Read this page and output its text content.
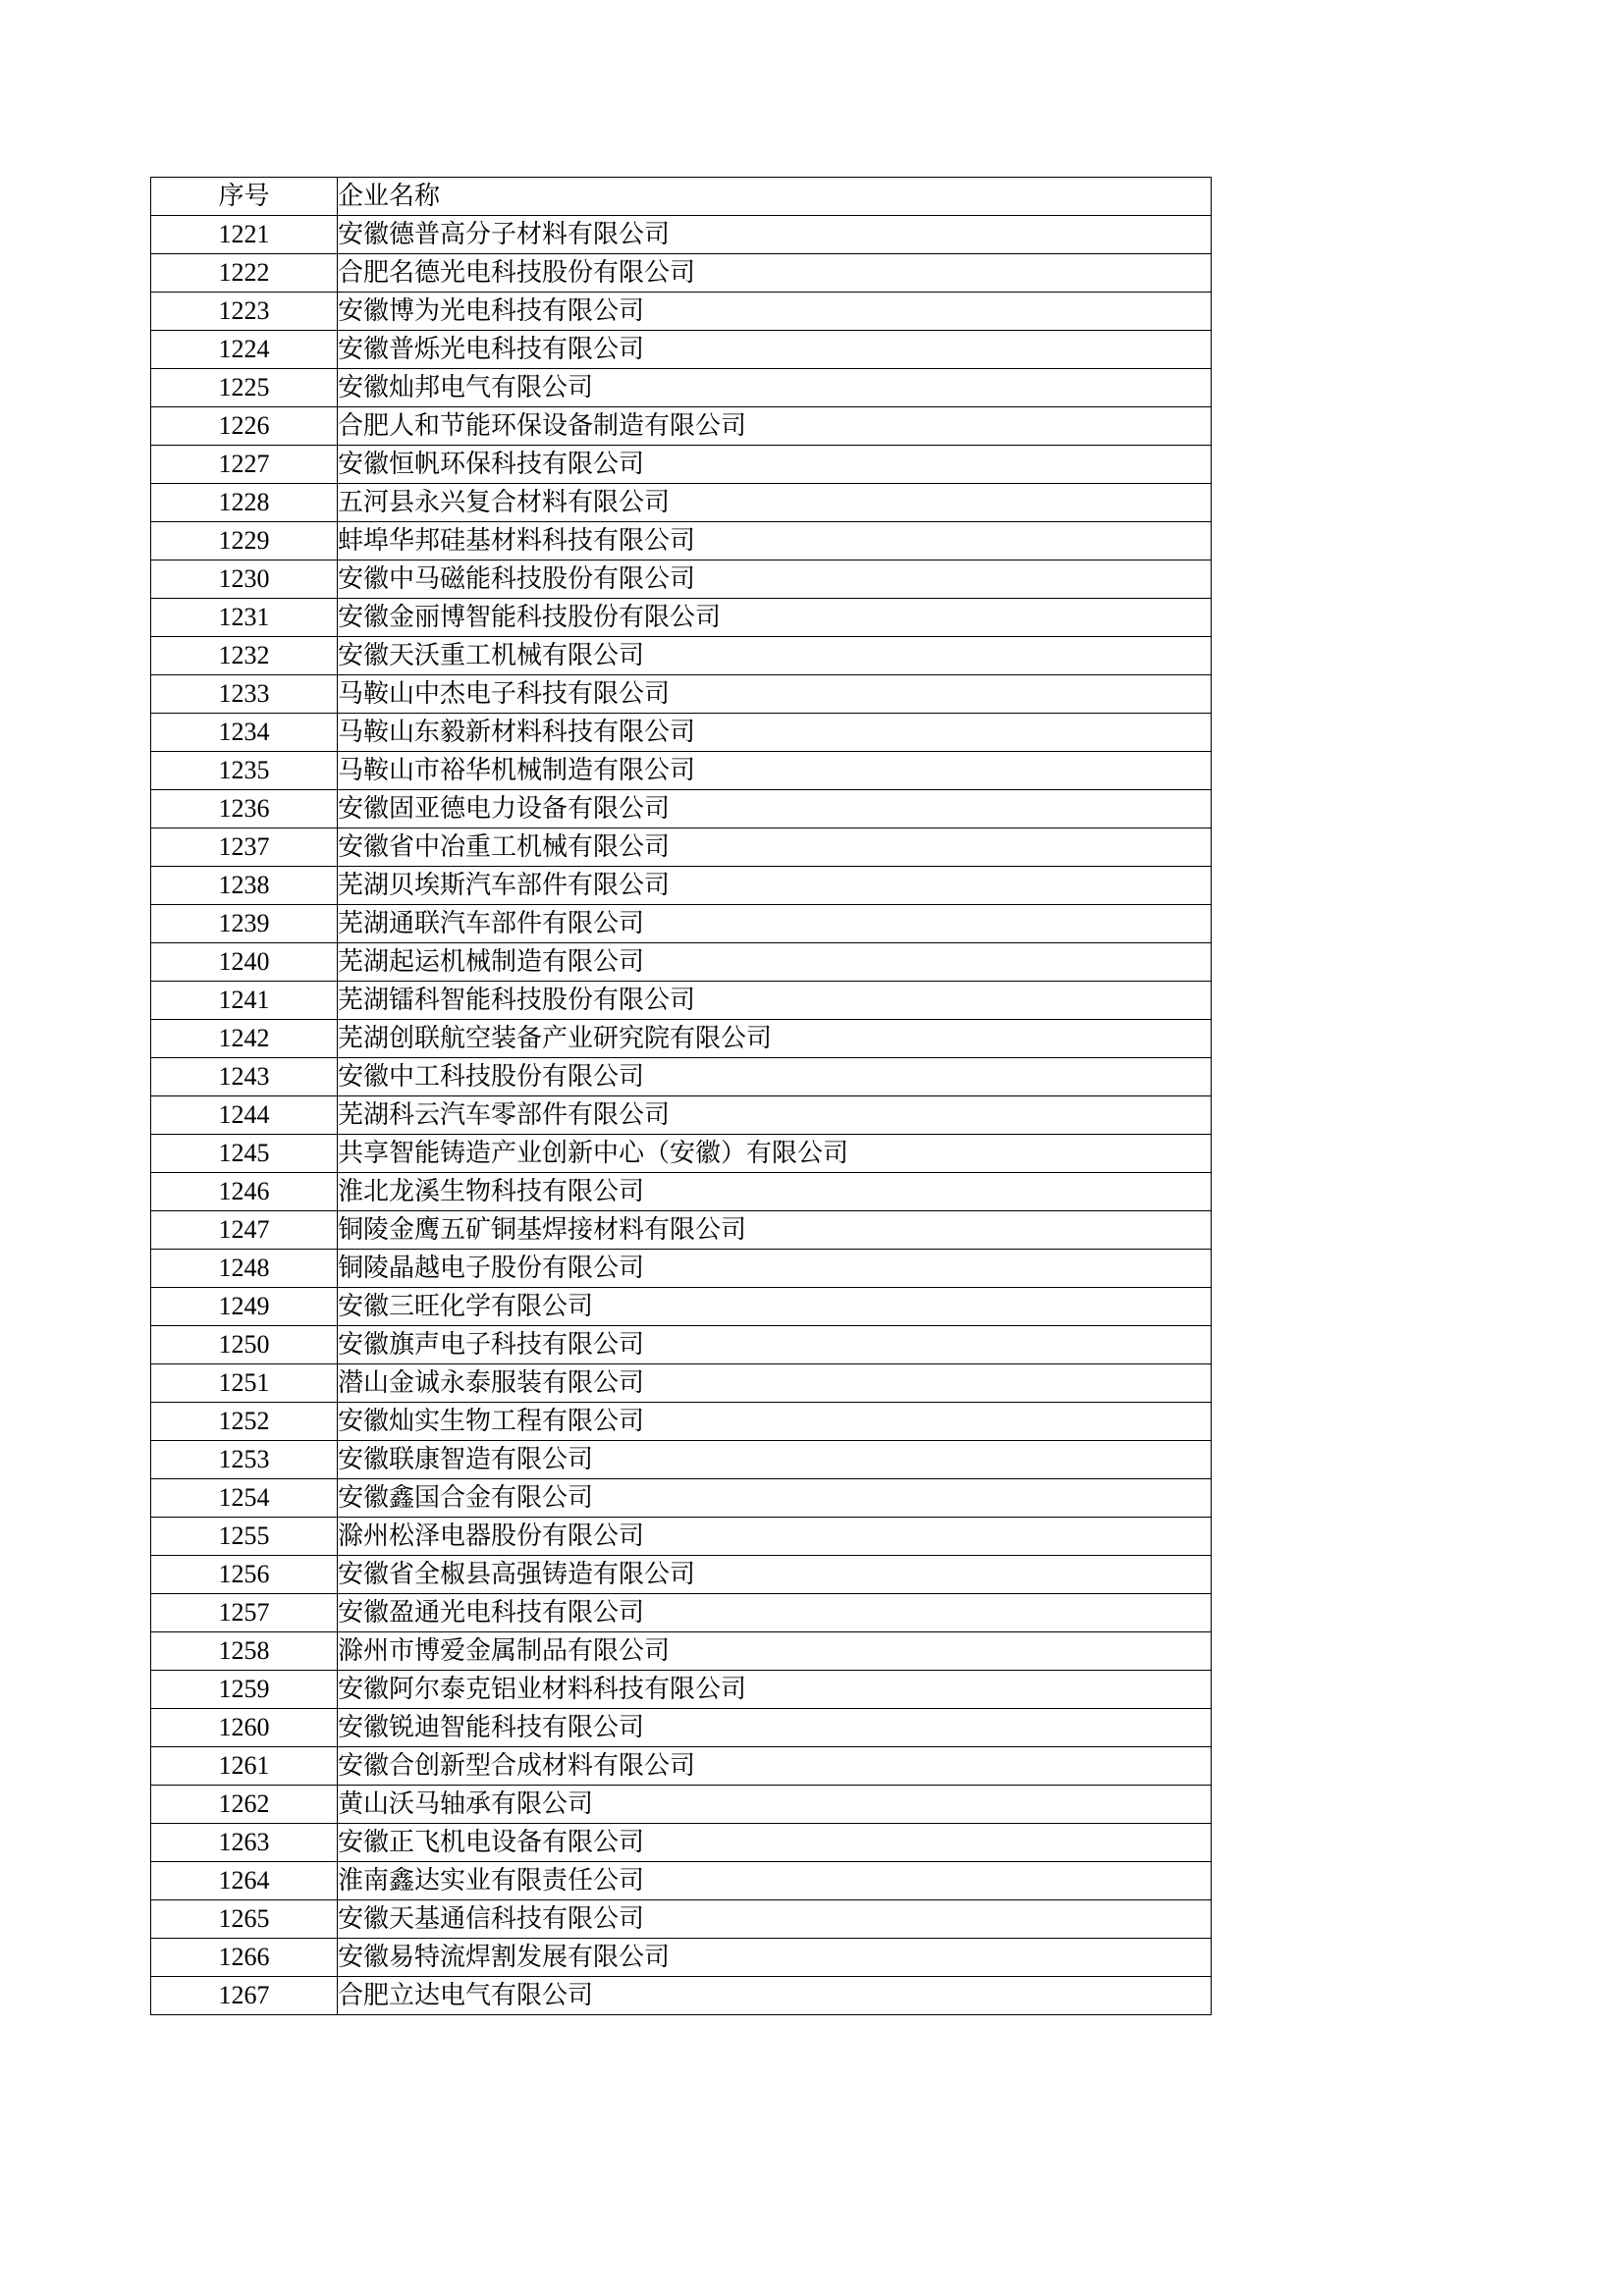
序号	企业名称
1221	安徽德普高分子材料有限公司
1222	合肥名德光电科技股份有限公司
1223	安徽博为光电科技有限公司
1224	安徽普烁光电科技有限公司
1225	安徽灿邦电气有限公司
1226	合肥人和节能环保设备制造有限公司
1227	安徽恒帆环保科技有限公司
1228	五河县永兴复合材料有限公司
1229	蚌埠华邦硅基材料科技有限公司
1230	安徽中马磁能科技股份有限公司
1231	安徽金丽博智能科技股份有限公司
1232	安徽天沃重工机械有限公司
1233	马鞍山中杰电子科技有限公司
1234	马鞍山东毅新材料科技有限公司
1235	马鞍山市裕华机械制造有限公司
1236	安徽固亚德电力设备有限公司
1237	安徽省中冶重工机械有限公司
1238	芜湖贝埃斯汽车部件有限公司
1239	芜湖通联汽车部件有限公司
1240	芜湖起运机械制造有限公司
1241	芜湖镭科智能科技股份有限公司
1242	芜湖创联航空装备产业研究院有限公司
1243	安徽中工科技股份有限公司
1244	芜湖科云汽车零部件有限公司
1245	共享智能铸造产业创新中心（安徽）有限公司
1246	淮北龙溪生物科技有限公司
1247	铜陵金鹰五矿铜基焊接材料有限公司
1248	铜陵晶越电子股份有限公司
1249	安徽三旺化学有限公司
1250	安徽旗声电子科技有限公司
1251	潜山金诚永泰服装有限公司
1252	安徽灿实生物工程有限公司
1253	安徽联康智造有限公司
1254	安徽鑫国合金有限公司
1255	滁州松泽电器股份有限公司
1256	安徽省全椒县高强铸造有限公司
1257	安徽盈通光电科技有限公司
1258	滁州市博爱金属制品有限公司
1259	安徽阿尔泰克铝业材料科技有限公司
1260	安徽锐迪智能科技有限公司
1261	安徽合创新型合成材料有限公司
1262	黄山沃马轴承有限公司
1263	安徽正飞机电设备有限公司
1264	淮南鑫达实业有限责任公司
1265	安徽天基通信科技有限公司
1266	安徽易特流焊割发展有限公司
1267	合肥立达电气有限公司
